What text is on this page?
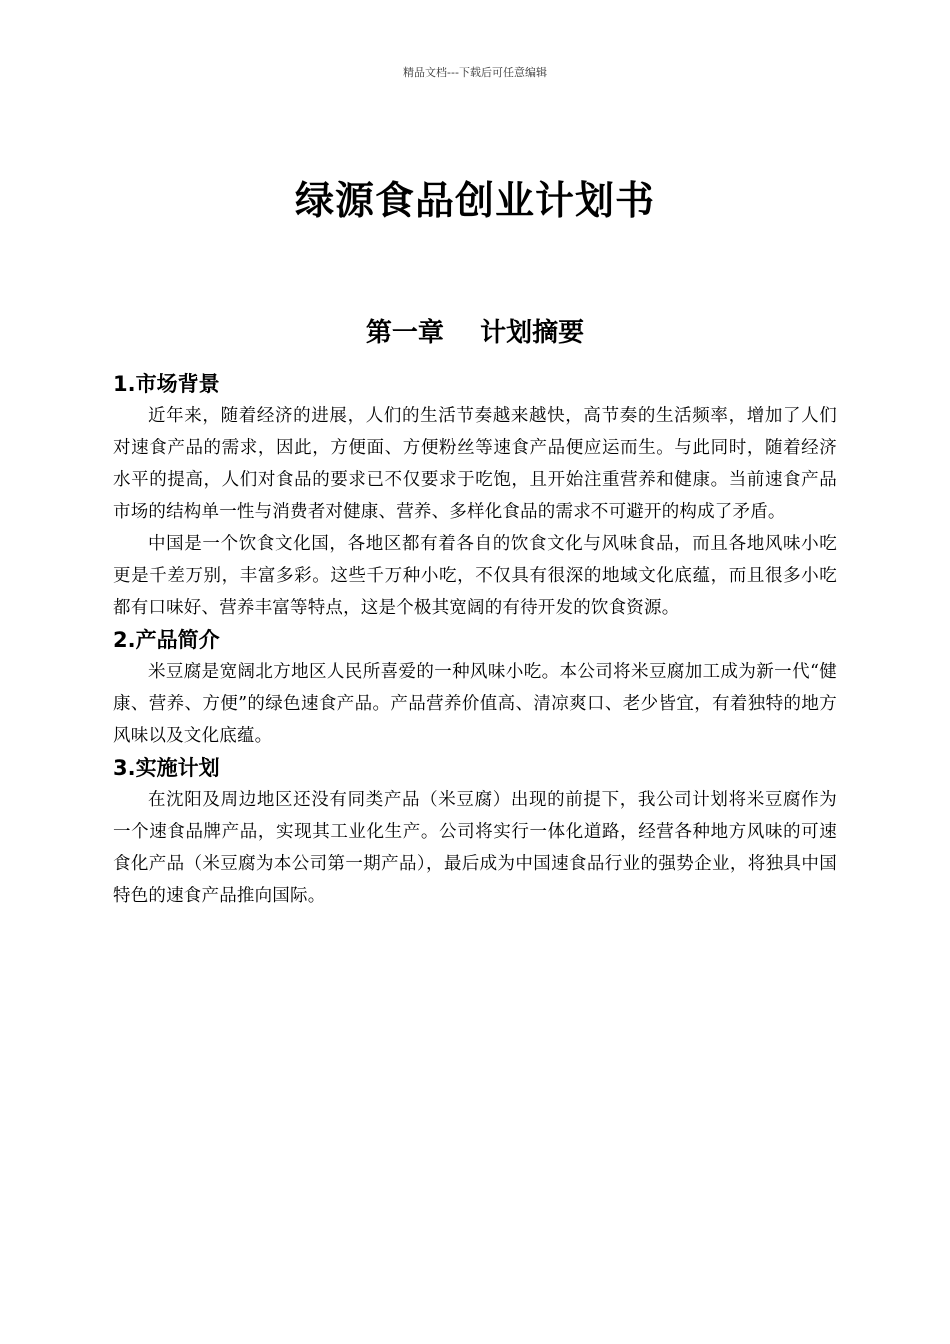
精品文档---下载后可任意编辑
绿源食品创业计划书
第一章    计划摘要
1.市场背景

近年来，随着经济的进展，人们的生活节奏越来越快，高节奏的生活频率，增加了人们对速食产品的需求，因此，方便面、方便粉丝等速食产品便应运而生。与此同时，随着经济水平的提高，人们对食品的要求已不仅要求于吃饱，且开始注重营养和健康。当前速食产品市场的结构单一性与消费者对健康、营养、多样化食品的需求不可避开的构成了矛盾。

中国是一个饮食文化国，各地区都有着各自的饮食文化与风味食品，而且各地风味小吃更是千差万别，丰富多彩。这些千万种小吃，不仅具有很深的地域文化底蕴，而且很多小吃都有口味好、营养丰富等特点，这是个极其宽阔的有待开发的饮食资源。

2.产品简介

米豆腐是宽阔北方地区人民所喜爱的一种风味小吃。本公司将米豆腐加工成为新一代“健康、营养、方便”的绿色速食产品。产品营养价值高、清凉爽口、老少皆宜，有着独特的地方风味以及文化底蕴。

3.实施计划

在沈阳及周边地区还没有同类产品（米豆腐）出现的前提下，我公司计划将米豆腐作为一个速食品牌产品，实现其工业化生产。公司将实行一体化道路，经营各种地方风味的可速食化产品（米豆腐为本公司第一期产品），最后成为中国速食品行业的强势企业，将独具中国特色的速食产品推向国际。
